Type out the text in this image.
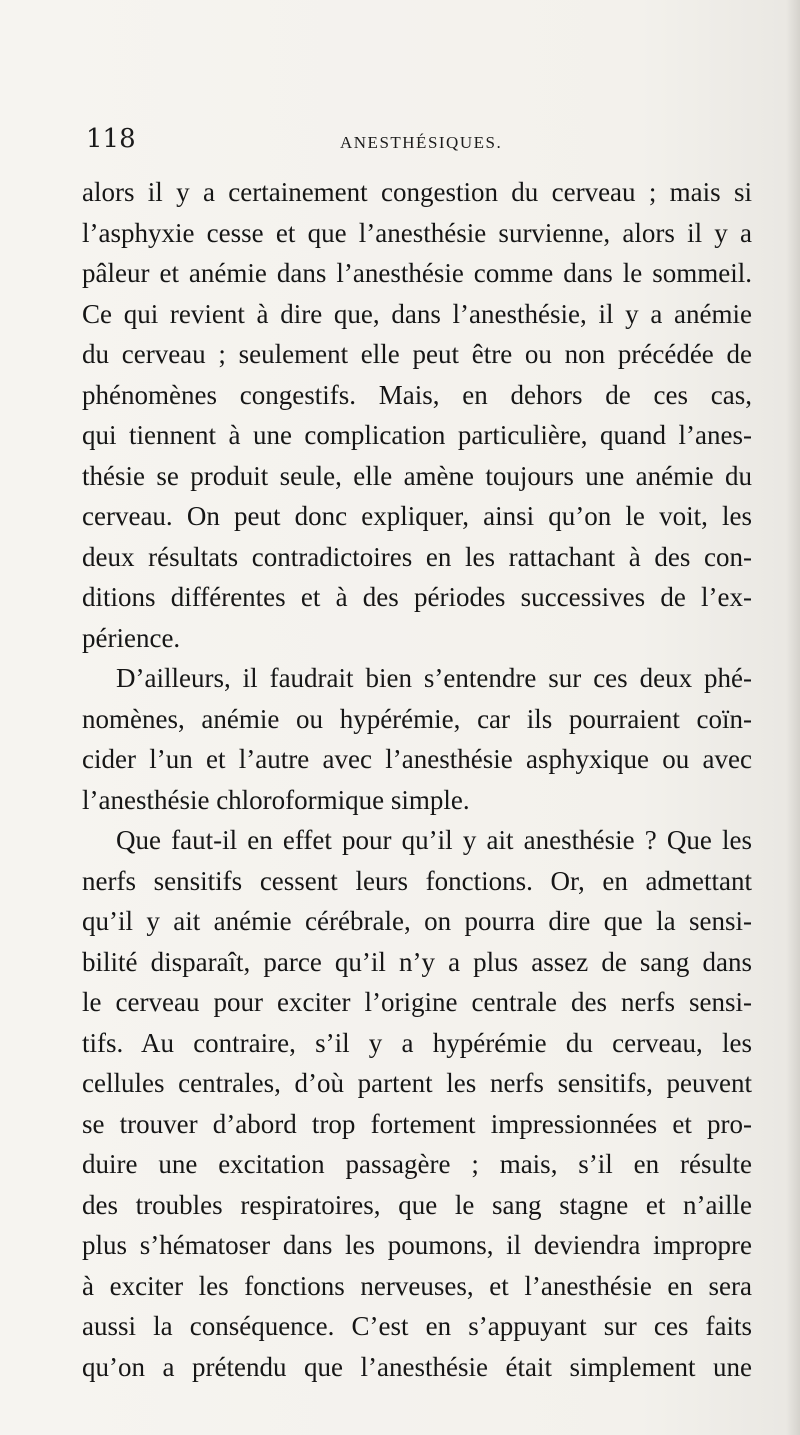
118	ANESTHÉSIQUES.
alors il y a certainement congestion du cerveau ; mais si
l’asphyxie cesse et que l’anesthésie survienne, alors il y a
pâleur et anémie dans l’anesthésie comme dans le sommeil.
Ce qui revient à dire que, dans l’anesthésie, il y a anémie
du cerveau ; seulement elle peut être ou non précédée de
phénomènes congestifs. Mais, en dehors de ces cas,
qui tiennent à une complication particulière, quand l’anes-
thésie se produit seule, elle amène toujours une anémie du
cerveau. On peut donc expliquer, ainsi qu’on le voit, les
deux résultats contradictoires en les rattachant à des con-
ditions différentes et à des périodes successives de l’ex-
périence.
D’ailleurs, il faudrait bien s’entendre sur ces deux phé-
nomènes, anémie ou hypérémie, car ils pourraient coïn-
cider l’un et l’autre avec l’anesthésie asphyxique ou avec
l’anesthésie chloroformique simple.
Que faut-il en effet pour qu’il y ait anesthésie ? Que les
nerfs sensitifs cessent leurs fonctions. Or, en admettant
qu’il y ait anémie cérébrale, on pourra dire que la sensi-
bilité disparaît, parce qu’il n’y a plus assez de sang dans
le cerveau pour exciter l’origine centrale des nerfs sensi-
tifs. Au contraire, s’il y a hypérémie du cerveau, les
cellules centrales, d’où partent les nerfs sensitifs, peuvent
se trouver d’abord trop fortement impressionnées et pro-
duire une excitation passagère ; mais, s’il en résulte
des troubles respiratoires, que le sang stagne et n’aille
plus s’hématoser dans les poumons, il deviendra impropre
à exciter les fonctions nerveuses, et l’anesthésie en sera
aussi la conséquence. C’est en s’appuyant sur ces faits
qu’on a prétendu que l’anesthésie était simplement une
